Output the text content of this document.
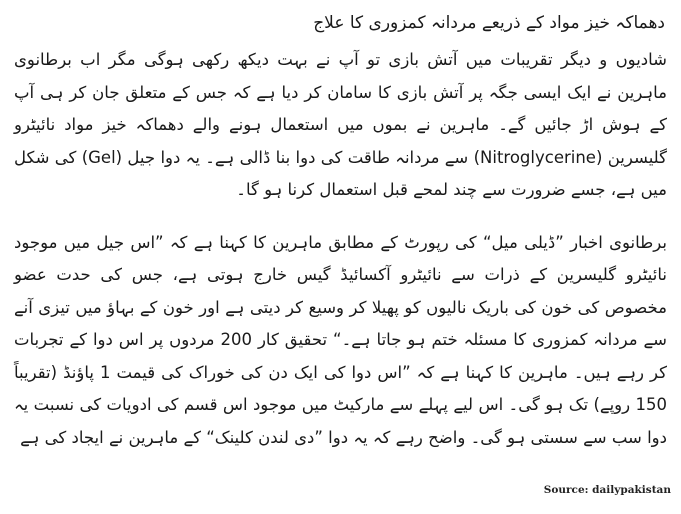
دھماکہ خیز مواد کے ذریعے مردانہ کمزوری کا علاج

شادیوں و دیگر تقریبات میں آتش بازی تو آپ نے بہت دیکھ رکھی ہوگی مگر اب برطانوی ماہرین نے ایک ایسی جگہ پر آتش بازی کا سامان کر دیا ہے کہ جس کے متعلق جان کر ہی آپ کے ہوش اڑ جائیں گے۔ ماہرین نے بموں میں استعمال ہونے والے دھماکہ خیز مواد نائیٹرو گلیسرین (Nitroglycerine) سے مردانہ طاقت کی دوا بنا ڈالی ہے۔ یہ دوا جیل (Gel) کی شکل میں ہے، جسے ضرورت سے چند لمحے قبل استعمال کرنا ہو گا۔

برطانوی اخبار ”ڈیلی میل“ کی رپورٹ کے مطابق ماہرین کا کہنا ہے کہ ”اس جیل میں موجود نائیٹرو گلیسرین کے ذرات سے نائیٹرو آکسائیڈ گیس خارج ہوتی ہے، جس کی حدت عضو مخصوص کی خون کی باریک نالیوں کو پھیلا کر وسیع کر دیتی ہے اور خون کے بہاؤ میں تیزی آنے سے مردانہ کمزوری کا مسئلہ ختم ہو جاتا ہے۔“ تحقیق کار 200 مردوں پر اس دوا کے تجربات کر رہے ہیں۔ ماہرین کا کہنا ہے کہ ”اس دوا کی ایک دن کی خوراک کی قیمت 1 پاؤنڈ (تقریباً 150 روپے) تک ہو گی۔ اس لیے پہلے سے مارکیٹ میں موجود اس قسم کی ادویات کی نسبت یہ دوا سب سے سستی ہو گی۔ واضح رہے کہ یہ دوا ”دی لندن کلینک“ کے ماہرین نے ایجاد کی ہے

Source: dailypakistan
